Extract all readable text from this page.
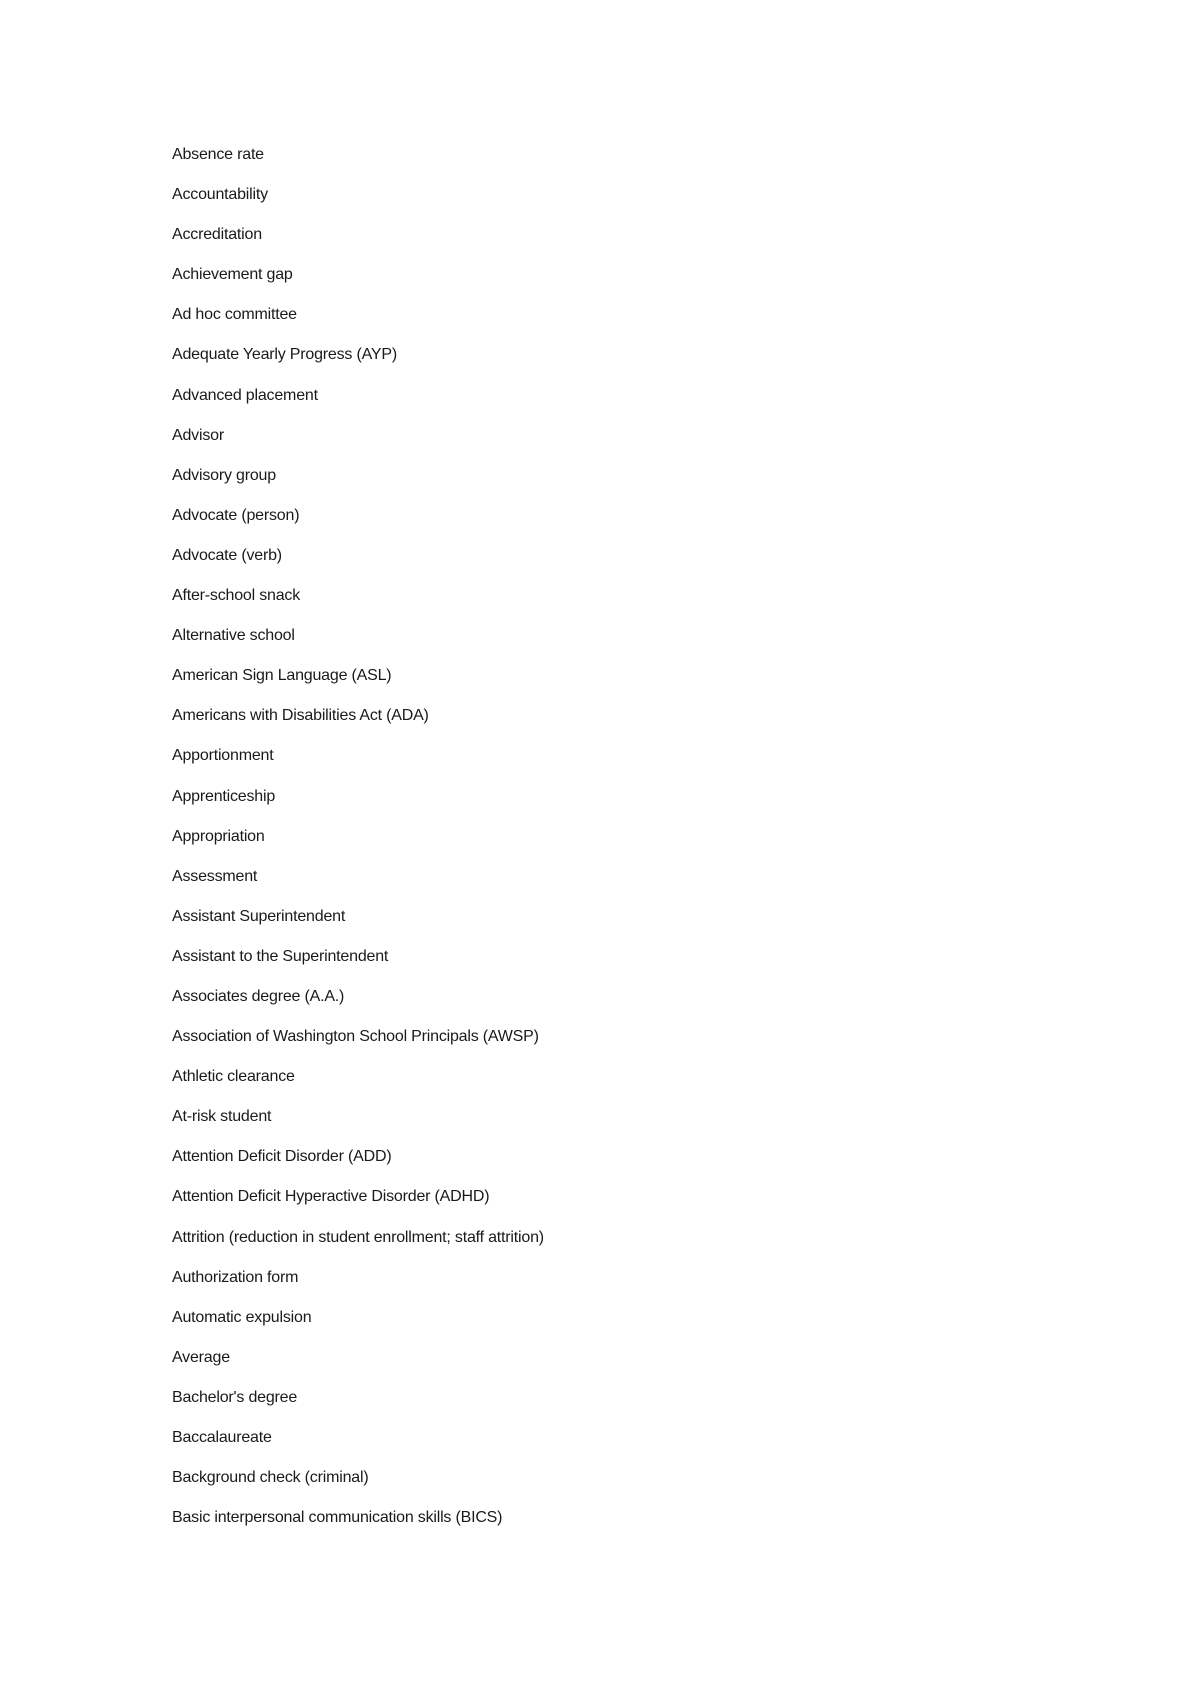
Absence rate
Accountability
Accreditation
Achievement gap
Ad hoc committee
Adequate Yearly Progress (AYP)
Advanced placement
Advisor
Advisory group
Advocate (person)
Advocate (verb)
After-school snack
Alternative school
American Sign Language (ASL)
Americans with Disabilities Act (ADA)
Apportionment
Apprenticeship
Appropriation
Assessment
Assistant Superintendent
Assistant to the Superintendent
Associates degree (A.A.)
Association of Washington School Principals (AWSP)
Athletic clearance
At-risk student
Attention Deficit Disorder (ADD)
Attention Deficit Hyperactive Disorder (ADHD)
Attrition (reduction in student enrollment; staff attrition)
Authorization form
Automatic expulsion
Average
Bachelor's degree
Baccalaureate
Background check (criminal)
Basic interpersonal communication skills (BICS)
